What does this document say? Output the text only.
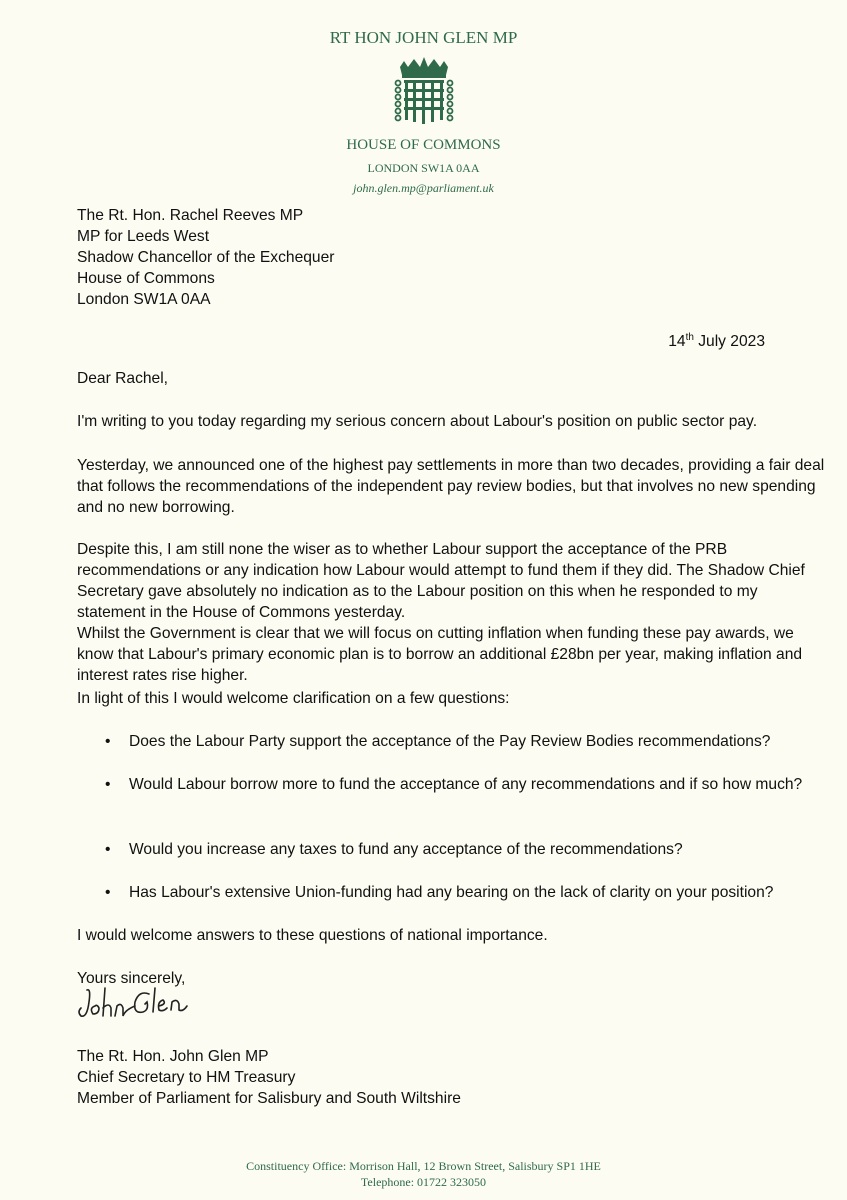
RT HON JOHN GLEN MP
HOUSE OF COMMONS
LONDON SW1A 0AA
john.glen.mp@parliament.uk
The Rt. Hon. Rachel Reeves MP
MP for Leeds West
Shadow Chancellor of the Exchequer
House of Commons
London SW1A 0AA
14th July 2023

Dear Rachel,

I'm writing to you today regarding my serious concern about Labour's position on public sector pay.

Yesterday, we announced one of the highest pay settlements in more than two decades, providing a fair deal that follows the recommendations of the independent pay review bodies, but that involves no new spending and no new borrowing.

Despite this, I am still none the wiser as to whether Labour support the acceptance of the PRB recommendations or any indication how Labour would attempt to fund them if they did. The Shadow Chief Secretary gave absolutely no indication as to the Labour position on this when he responded to my statement in the House of Commons yesterday.

Whilst the Government is clear that we will focus on cutting inflation when funding these pay awards, we know that Labour's primary economic plan is to borrow an additional £28bn per year, making inflation and interest rates rise higher.

In light of this I would welcome clarification on a few questions:

• Does the Labour Party support the acceptance of the Pay Review Bodies recommendations?
• Would Labour borrow more to fund the acceptance of any recommendations and if so how much?
• Would you increase any taxes to fund any acceptance of the recommendations?
• Has Labour's extensive Union-funding had any bearing on the lack of clarity on your position?

I would welcome answers to these questions of national importance.

Yours sincerely,

The Rt. Hon. John Glen MP
Chief Secretary to HM Treasury
Member of Parliament for Salisbury and South Wiltshire
Constituency Office: Morrison Hall, 12 Brown Street, Salisbury SP1 1HE
Telephone: 01722 323050
